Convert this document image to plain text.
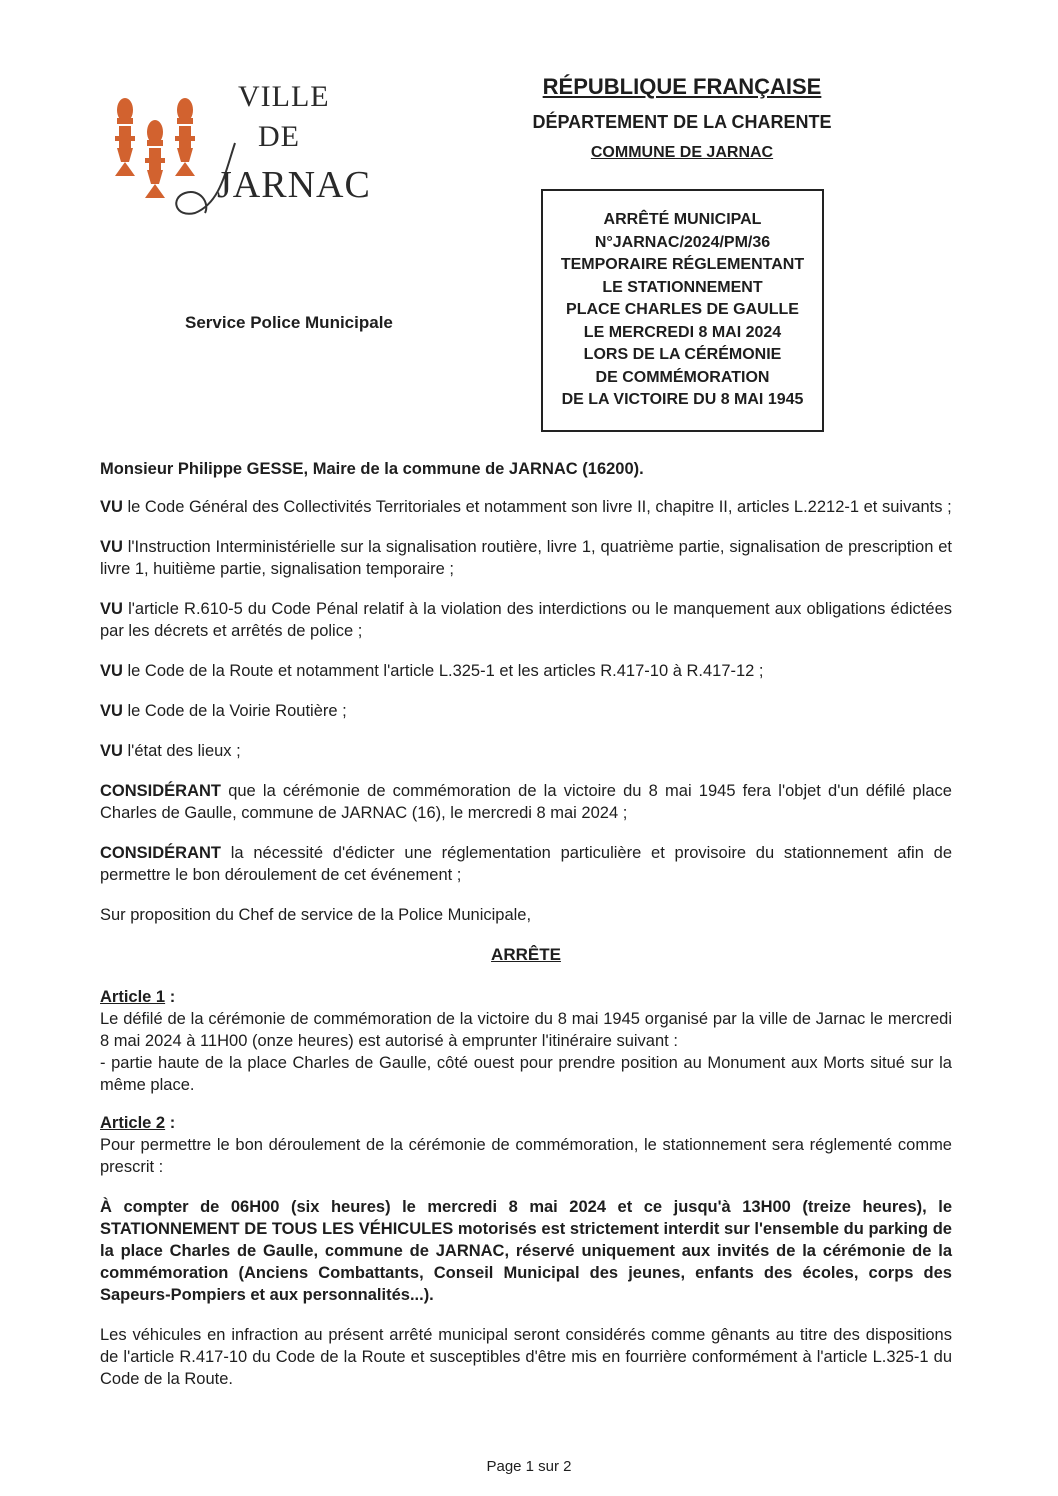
VILLE
DE
JARNAC
Service Police Municipale
RÉPUBLIQUE FRANÇAISE
DÉPARTEMENT DE LA CHARENTE
COMMUNE DE JARNAC
ARRÊTÉ MUNICIPAL
N°JARNAC/2024/PM/36
TEMPORAIRE RÉGLEMENTANT
LE STATIONNEMENT
PLACE CHARLES DE GAULLE
LE MERCREDI 8 MAI 2024
LORS DE LA CÉRÉMONIE
DE COMMÉMORATION
DE LA VICTOIRE DU 8 MAI 1945

Monsieur Philippe GESSE, Maire de la commune de JARNAC (16200).

VU le Code Général des Collectivités Territoriales et notamment son livre II, chapitre II, articles L.2212-1 et suivants ;

VU l'Instruction Interministérielle sur la signalisation routière, livre 1, quatrième partie, signalisation de prescription et livre 1, huitième partie, signalisation temporaire ;

VU l'article R.610-5 du Code Pénal relatif à la violation des interdictions ou le manquement aux obligations édictées par les décrets et arrêtés de police ;

VU le Code de la Route et notamment l'article L.325-1 et les articles R.417-10 à R.417-12 ;

VU le Code de la Voirie Routière ;

VU l'état des lieux ;

CONSIDÉRANT que la cérémonie de commémoration de la victoire du 8 mai 1945 fera l'objet d'un défilé place Charles de Gaulle, commune de JARNAC (16), le mercredi 8 mai 2024 ;

CONSIDÉRANT la nécessité d'édicter une réglementation particulière et provisoire du stationnement afin de permettre le bon déroulement de cet événement ;

Sur proposition du Chef de service de la Police Municipale,

ARRÊTE

Article 1 :

Le défilé de la cérémonie de commémoration de la victoire du 8 mai 1945 organisé par la ville de Jarnac le mercredi 8 mai 2024 à 11H00 (onze heures) est autorisé à emprunter l'itinéraire suivant :

- partie haute de la place Charles de Gaulle, côté ouest pour prendre position au Monument aux Morts situé sur la même place.

Article 2 :

Pour permettre le bon déroulement de la cérémonie de commémoration, le stationnement sera réglementé comme prescrit :

À compter de 06H00 (six heures) le mercredi 8 mai 2024 et ce jusqu'à 13H00 (treize heures), le STATIONNEMENT DE TOUS LES VÉHICULES motorisés est strictement interdit sur l'ensemble du parking de la place Charles de Gaulle, commune de JARNAC, réservé uniquement aux invités de la cérémonie de la commémoration (Anciens Combattants, Conseil Municipal des jeunes, enfants des écoles, corps des Sapeurs-Pompiers et aux personnalités...).

Les véhicules en infraction au présent arrêté municipal seront considérés comme gênants au titre des dispositions de l'article R.417-10 du Code de la Route et susceptibles d'être mis en fourrière conformément à l'article L.325-1 du Code de la Route.

Page 1 sur 2
